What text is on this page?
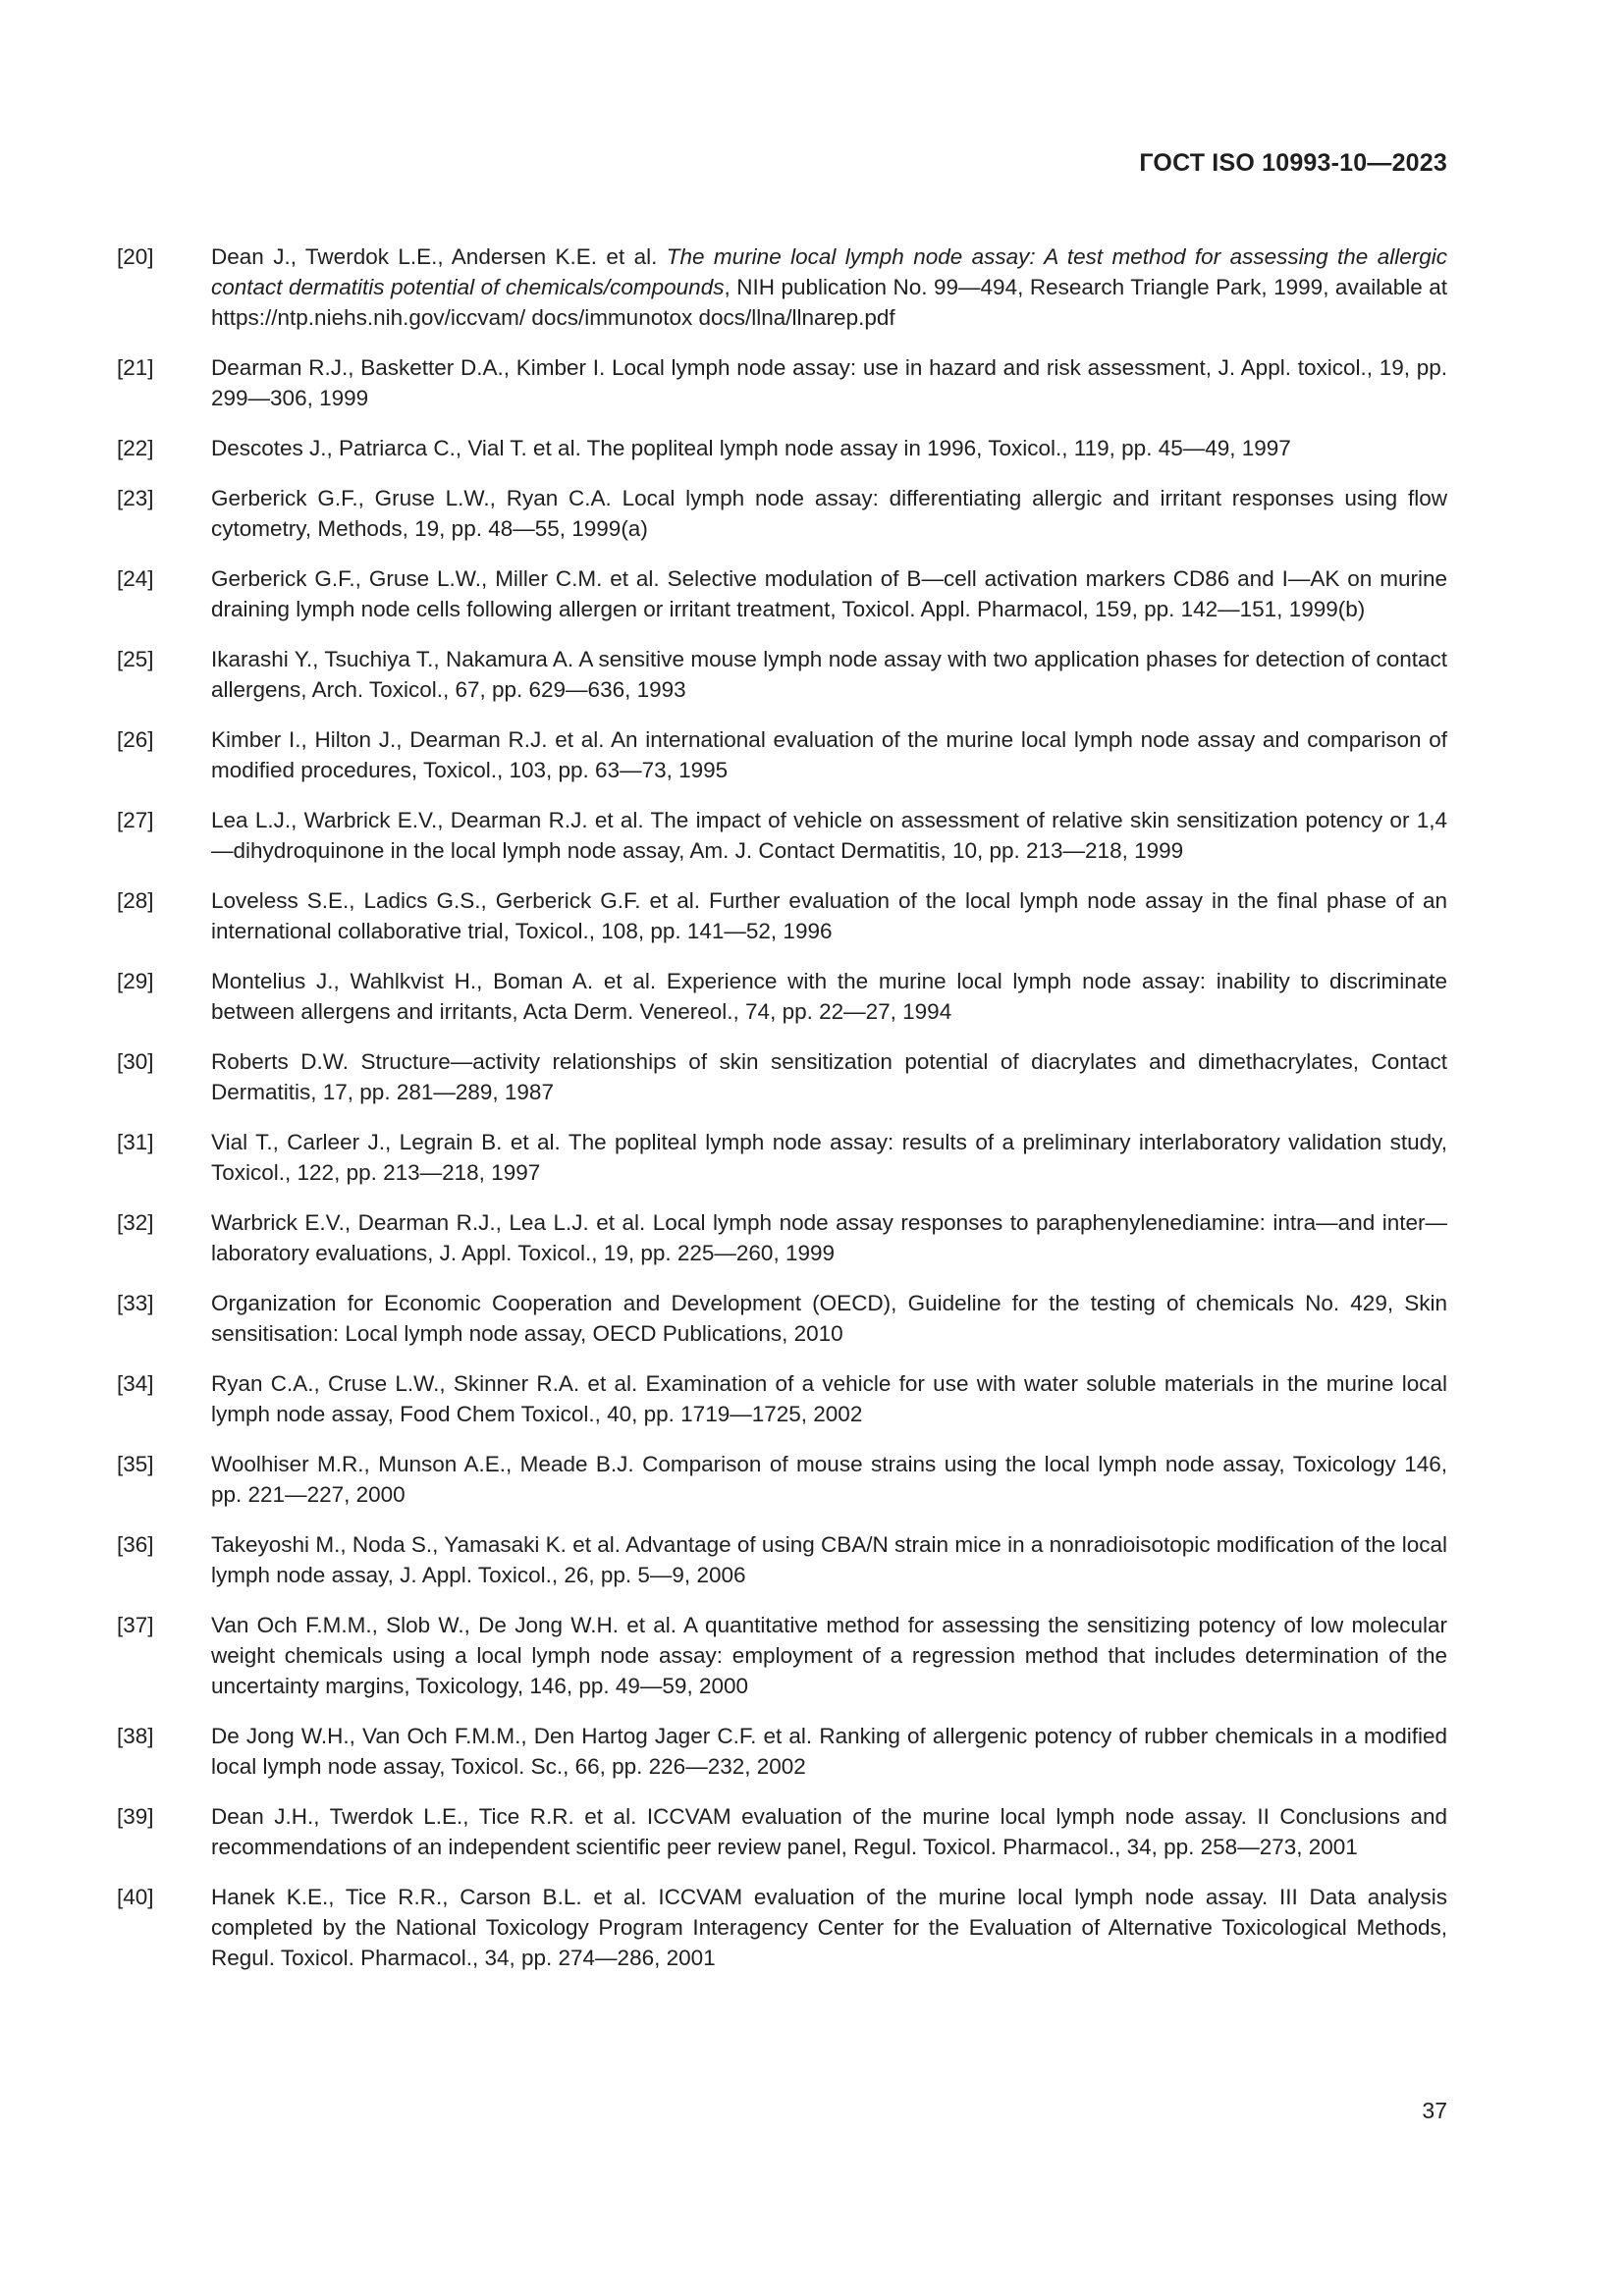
ГОСТ ISO 10993-10—2023
[20]	Dean J., Twerdok L.E., Andersen K.E. et al. The murine local lymph node assay: A test method for assessing the allergic contact dermatitis potential of chemicals/compounds, NIH publication No. 99—494, Research Triangle Park, 1999, available at https://ntp.niehs.nih.gov/iccvam/ docs/immunotox docs/llna/llnarep.pdf
[21]	Dearman R.J., Basketter D.A., Kimber I. Local lymph node assay: use in hazard and risk assessment, J. Appl. toxicol., 19, pp. 299—306, 1999
[22]	Descotes J., Patriarca C., Vial T. et al. The popliteal lymph node assay in 1996, Toxicol., 119, pp. 45—49, 1997
[23]	Gerberick G.F., Gruse L.W., Ryan C.A. Local lymph node assay: differentiating allergic and irritant responses using flow cytometry, Methods, 19, pp. 48—55, 1999(a)
[24]	Gerberick G.F., Gruse L.W., Miller C.M. et al. Selective modulation of B—cell activation markers CD86 and I—AK on murine draining lymph node cells following allergen or irritant treatment, Toxicol. Appl. Pharmacol, 159, pp. 142—151, 1999(b)
[25]	Ikarashi Y., Tsuchiya T., Nakamura A. A sensitive mouse lymph node assay with two application phases for detection of contact allergens, Arch. Toxicol., 67, pp. 629—636, 1993
[26]	Kimber I., Hilton J., Dearman R.J. et al. An international evaluation of the murine local lymph node assay and comparison of modified procedures, Toxicol., 103, pp. 63—73, 1995
[27]	Lea L.J., Warbrick E.V., Dearman R.J. et al. The impact of vehicle on assessment of relative skin sensitization potency or 1,4—dihydroquinone in the local lymph node assay, Am. J. Contact Dermatitis, 10, pp. 213—218, 1999
[28]	Loveless S.E., Ladics G.S., Gerberick G.F. et al. Further evaluation of the local lymph node assay in the final phase of an international collaborative trial, Toxicol., 108, pp. 141—52, 1996
[29]	Montelius J., Wahlkvist H., Boman A. et al. Experience with the murine local lymph node assay: inability to discriminate between allergens and irritants, Acta Derm. Venereol., 74, pp. 22—27, 1994
[30]	Roberts D.W. Structure—activity relationships of skin sensitization potential of diacrylates and dimethacrylates, Contact Dermatitis, 17, pp. 281—289, 1987
[31]	Vial T., Carleer J., Legrain B. et al. The popliteal lymph node assay: results of a preliminary interlaboratory validation study, Toxicol., 122, pp. 213—218, 1997
[32]	Warbrick E.V., Dearman R.J., Lea L.J. et al. Local lymph node assay responses to paraphenylenediamine: intra—and inter—laboratory evaluations, J. Appl. Toxicol., 19, pp. 225—260, 1999
[33]	Organization for Economic Cooperation and Development (OECD), Guideline for the testing of chemicals No. 429, Skin sensitisation: Local lymph node assay, OECD Publications, 2010
[34]	Ryan C.A., Cruse L.W., Skinner R.A. et al. Examination of a vehicle for use with water soluble materials in the murine local lymph node assay, Food Chem Toxicol., 40, pp. 1719—1725, 2002
[35]	Woolhiser M.R., Munson A.E., Meade B.J. Comparison of mouse strains using the local lymph node assay, Toxicology 146, pp. 221—227, 2000
[36]	Takeyoshi M., Noda S., Yamasaki K. et al. Advantage of using CBA/N strain mice in a nonradioisotopic modification of the local lymph node assay, J. Appl. Toxicol., 26, pp. 5—9, 2006
[37]	Van Och F.M.M., Slob W., De Jong W.H. et al. A quantitative method for assessing the sensitizing potency of low molecular weight chemicals using a local lymph node assay: employment of a regression method that includes determination of the uncertainty margins, Toxicology, 146, pp. 49—59, 2000
[38]	De Jong W.H., Van Och F.M.M., Den Hartog Jager C.F. et al. Ranking of allergenic potency of rubber chemicals in a modified local lymph node assay, Toxicol. Sc., 66, pp. 226—232, 2002
[39]	Dean J.H., Twerdok L.E., Tice R.R. et al. ICCVAM evaluation of the murine local lymph node assay. II Conclusions and recommendations of an independent scientific peer review panel, Regul. Toxicol. Pharmacol., 34, pp. 258—273, 2001
[40]	Hanek K.E., Tice R.R., Carson B.L. et al. ICCVAM evaluation of the murine local lymph node assay. III Data analysis completed by the National Toxicology Program Interagency Center for the Evaluation of Alternative Toxicological Methods, Regul. Toxicol. Pharmacol., 34, pp. 274—286, 2001
37
